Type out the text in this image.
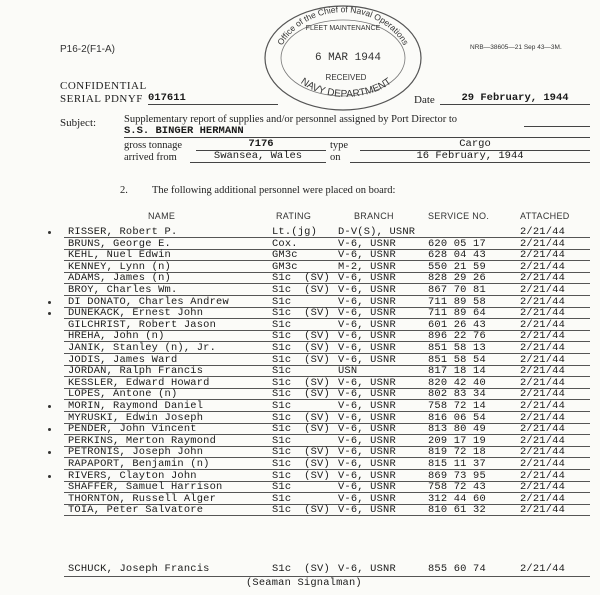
P16-2(F1-A)	NRB—38605—21 Sep 43—3M.
Office of the Chief of Naval Operations
FLEET MAINTENANCE
6 MAR 1944
RECEIVED
NAVY DEPARTMENT
CONFIDENTIAL
SERIAL PDNYF 017611	Date	29 February, 1944
Subject:	Supplementary report of supplies and/or personnel assigned by Port Director to
S.S. BINGER HERMANN
gross tonnage	7176	type	Cargo
arrived from	Swansea, Wales	on	16 February, 1944
2. The following additional personnel were placed on board:
NAME	RATING	BRANCH	SERVICE NO.	ATTACHED
RISSER, Robert P.	Lt.(jg) D-V(S), USNR	2/21/44
BRUNS, George E.	Cox.	V-6, USNR	620 05 17	2/21/44
KEHL, Nuel Edwin	GM3c	V-6, USNR	628 04 43	2/21/44
KENNEY, Lynn (n)	GM3c	M-2, USNR	550 21 59	2/21/44
ADAMS, James (n)	S1c  (SV) V-6, USNR	828 29 26	2/21/44
BROY, Charles Wm.	S1c  (SV) V-6, USNR	867 70 81	2/21/44
DI DONATO, Charles Andrew	S1c	V-6, USNR	711 89 58	2/21/44
DUNEKACK, Ernest John	S1c  (SV) V-6, USNR	711 89 64	2/21/44
GILCHRIST, Robert Jason	S1c	V-6, USNR	601 26 43	2/21/44
HREHA, John (n)	S1c  (SV) V-6, USNR	896 22 76	2/21/44
JANIK, Stanley (n), Jr.	S1c  (SV) V-6, USNR	851 58 13	2/21/44
JODIS, James Ward	S1c  (SV) V-6, USNR	851 58 54	2/21/44
JORDAN, Ralph Francis	S1c	USN	817 18 14	2/21/44
KESSLER, Edward Howard	S1c  (SV) V-6, USNR	820 42 40	2/21/44
LOPES, Antone (n)	S1c  (SV) V-6, USNR	802 83 34	2/21/44
MORIN, Raymond Daniel	S1c	V-6, USNR	758 72 14	2/21/44
MYRUSKI, Edwin Joseph	S1c  (SV) V-6, USNR	816 06 54	2/21/44
PENDER, John Vincent	S1c  (SV) V-6, USNR	813 80 49	2/21/44
PERKINS, Merton Raymond	S1c	V-6, USNR	209 17 19	2/21/44
PETRONIS, Joseph John	S1c  (SV) V-6, USNR	819 72 18	2/21/44
RAPAPORT, Benjamin (n)	S1c  (SV) V-6, USNR	815 11 37	2/21/44
RIVERS, Clayton John	S1c  (SV) V-6, USNR	869 73 95	2/21/44
SHAFFER, Samuel Harrison	S1c	V-6, USNR	758 72 43	2/21/44
THORNTON, Russell Alger	S1c	V-6, USNR	312 44 60	2/21/44
TOIA, Peter Salvatore	S1c  (SV) V-6, USNR	810 61 32	2/21/44
SCHUCK, Joseph Francis	S1c  (SV) V-6, USNR	855 60 74	2/21/44
(Seaman Signalman)
